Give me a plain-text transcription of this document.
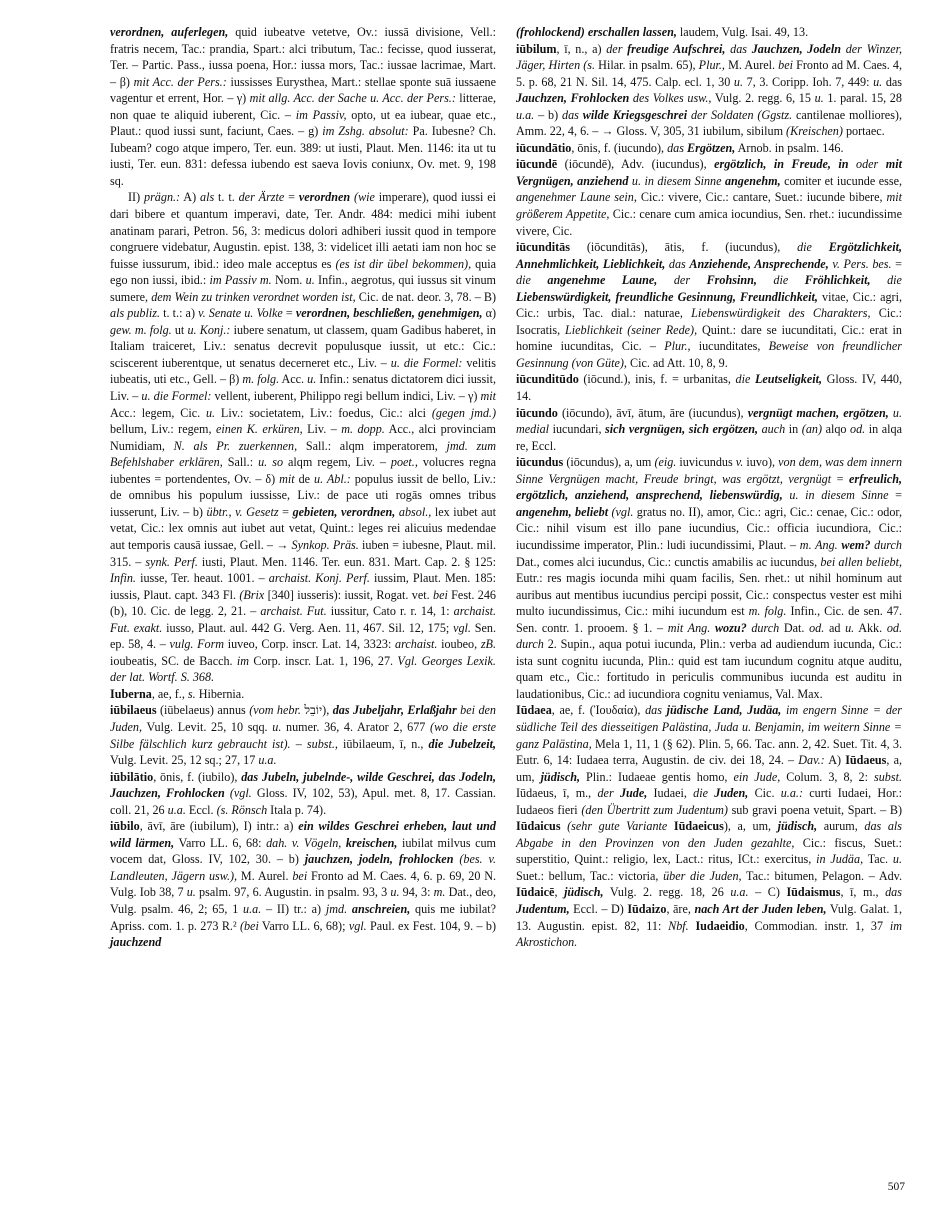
verordnen, auferlegen, quid iubeatve vetetve, Ov.: iussā divisione, Vell.: fratris necem, Tac.: prandia, Spart.: alci tributum, Tac.: fecisse, quod iusserat, Ter. – Partic. Pass., iussa poena, Hor.: iussa mors, Tac.: iussae lacrimae, Mart. – β) mit Acc. der Pers.: iussisses Eurysthea, Mart.: stellae sponte suā iussaene vagentur et errent, Hor. – γ) mit allg. Acc. der Sache u. Acc. der Pers.: litterae, non quae te aliquid iuberent, Cic. – im Passiv, opto, ut ea iubear, quae etc., Plaut.: quod iussi sunt, faciunt, Caes. – g) im Zshg. absolut: Pa. Iubesne? Ch. Iubeam? cogo atque impero, Ter. eun. 389: ut iusti, Plaut. Men. 1146: ita ut tu iusti, Ter. eun. 831: defessa iubendo est saeva Iovis coniunx, Ov. met. 9, 198 sq.

II) prägn.: A) als t. t. der Ärzte = verordnen (wie imperare), quod iussi ei dari bibere et quantum imperavi, date, Ter. Andr. 484: medici mihi iubent anatinam parari, Petron. 56, 3: medicus dolori adhiberi iussit quod in tempore congruere videbatur, Augustin. epist. 138, 3: videlicet illi aetati iam non hoc se fuisse iussurum, ibid.: ideo male acceptus es (es ist dir übel bekommen), quia ego non iussi, ibid.: im Passiv m. Nom. u. Infin., aegrotus, qui iussus sit vinum sumere, dem Wein zu trinken verordnet worden ist, Cic. de nat. deor. 3, 78. – B) als publiz. t. t.: a) v. Senate u. Volke = verordnen, beschließen, genehmigen, α) gew. m. folg. ut u. Konj.: iubere senatum, ut classem, quam Gadibus haberet, in Italiam traiceret, Liv.: senatus decrevit populusque iussit, ut etc.: Cic.: sciscerent iuberentque, ut senatus decerneret etc., Liv. – u. die Formel: velitis iubeatis, uti etc., Gell. – β) m. folg. Acc. u. Infin.: senatus dictatorem dici iussit, Liv. – u. die Formel: vellent, iuberent, Philippo regi bellum indici, Liv. – γ) mit Acc.: legem, Cic. u. Liv.: societatem, Liv.: foedus, Cic.: alci (gegen jmd.) bellum, Liv.: regem, einen K. erküren, Liv. – m. dopp. Acc., alci provinciam Numidiam, N. als Pr. zuerkennen, Sall.: alqm imperatorem, jmd. zum Befehlshaber erklären, Sall.: u. so alqm regem, Liv. – poet., volucres regna iubentes = portendentes, Ov. – δ) mit de u. Abl.: populus iussit de bello, Liv.: de omnibus his populum iussisse, Liv.: de pace uti rogās omnes tribus iusserunt, Liv. – b) übtr., v. Gesetz = gebieten, verordnen, absol., lex iubet aut vetat, Cic.: lex omnis aut iubet aut vetat, Quint.: leges rei alicuius medendae aut temporis causā iussae, Gell. – → Synkop. Präs. iuben = iubesne, Plaut. mil. 315. – synk. Perf. iusti, Plaut. Men. 1146. Ter. eun. 831. Mart. Cap. 2. § 125: Infin. iusse, Ter. heaut. 1001. – archaist. Konj. Perf. iussim, Plaut. Men. 185: iussis, Plaut. capt. 343 Fl. (Brix [340] iusseris): iussit, Rogat. vet. bei Fest. 246 (b), 10. Cic. de legg. 2, 21. – archaist. Fut. iussitur, Cato r. r. 14, 1: archaist. Fut. exakt. iusso, Plaut. aul. 442 G. Verg. Aen. 11, 467. Sil. 12, 175; vgl. Sen. ep. 58, 4. – vulg. Form iuveo, Corp. inscr. Lat. 14, 3323: archaist. ioubeo, zB. ioubeatis, SC. de Bacch. im Corp. inscr. Lat. 1, 196, 27. Vgl. Georges Lexik. der lat. Wortf. S. 368.

Iuberna, ae, f., s. Hibernia.

iūbilaeus (iūbelaeus) annus (vom hebr. יוֹבֵל), das Jubeljahr, Erlaßjahr bei den Juden, Vulg. Levit. 25, 10 sqq. u. numer. 36, 4. Arator 2, 677 (wo die erste Silbe fälschlich kurz gebraucht ist). – subst., iūbilaeum, ī, n., die Jubelzeit, Vulg. Levit. 25, 12 sq.; 27, 17 u.a.

iūbilātio, ōnis, f. (iubilo), das Jubeln, jubelnde-, wilde Geschrei, das Jodeln, Jauchzen, Frohlocken (vgl. Gloss. IV, 102, 53), Apul. met. 8, 17. Cassian. coll. 21, 26 u.a. Eccl. (s. Rönsch Itala p. 74).

iūbilo, āvī, āre (iubilum), I) intr.: a) ein wildes Geschrei erheben, laut und wild lärmen, Varro LL. 6, 68: dah. v. Vögeln, kreischen, iubilat milvus cum vocem dat, Gloss. IV, 102, 30. – b) jauchzen, jodeln, frohlocken (bes. v. Landleuten, Jägern usw.), M. Aurel. bei Fronto ad M. Caes. 4, 6. p. 69, 20 N. Vulg. Iob 38, 7 u. psalm. 97, 6. Augustin. in psalm. 93, 3 u. 94, 3: m. Dat., deo, Vulg. psalm. 46, 2; 65, 1 u.a. – II) tr.: a) jmd. anschreien, quis me iubilat? Apriss. com. 1. p. 273 R.² (bei Varro LL. 6, 68); vgl. Paul. ex Fest. 104, 9. – b) jauchzend

(frohlockend) erschallen lassen, laudem, Vulg. Isai. 49, 13.

iūbilum, ī, n., a) der freudige Aufschrei, das Jauchzen, Jodeln der Winzer, Jäger, Hirten (s. Hilar. in psalm. 65), Plur., M. Aurel. bei Fronto ad M. Caes. 4, 5. p. 68, 21 N. Sil. 14, 475. Calp. ecl. 1, 30 u. 7, 3. Coripp. Ioh. 7, 449: u. das Jauchzen, Frohlocken des Volkes usw., Vulg. 2. regg. 6, 15 u. 1. paral. 15, 28 u.a. – b) das wilde Kriegsgeschrei der Soldaten (Ggstz. cantilenae molliores), Amm. 22, 4, 6. – → Gloss. V, 305, 31 iubilum, sibilum (Kreischen) portaec.

iūcundātio, ōnis, f. (iucundo), das Ergötzen, Arnob. in psalm. 146.

iūcundē (iōcundē), Adv. (iucundus), ergötzlich, in Freude, in oder mit Vergnügen, anziehend u. in diesem Sinne angenehm, comiter et iucunde esse, angenehmer Laune sein, Cic.: vivere, Cic.: cantare, Suet.: iucunde bibere, mit größerem Appetite, Cic.: cenare cum amica iocundius, Sen. rhet.: iucundissime vivere, Cic.

iūcunditās (iōcunditās), ātis, f. (iucundus), die Ergötzlichkeit, Annehmlichkeit, Lieblichkeit, das Anziehende, Ansprechende, v. Pers. bes. = die angenehme Laune, der Frohsinn, die Fröhlichkeit, die Liebenswürdigkeit, freundliche Gesinnung, Freundlichkeit, vitae, Cic.: agri, Cic.: urbis, Tac. dial.: naturae, Liebenswürdigkeit des Charakters, Cic.: Isocratis, Lieblichkeit (seiner Rede), Quint.: dare se iucunditati, Cic.: erat in homine iucunditas, Cic. – Plur., iucunditates, Beweise von freundlicher Gesinnung (von Güte), Cic. ad Att. 10, 8, 9.

iūcunditūdo (iōcund.), inis, f. = urbanitas, die Leutseligkeit, Gloss. IV, 440, 14.

iūcundo (iōcundo), āvī, ātum, āre (iucundus), vergnügt machen, ergötzen, u. medial iucundari, sich vergnügen, sich ergötzen, auch in (an) alqo od. in alqa re, Eccl.

iūcundus (iōcundus), a, um (eig. iuvicundus v. iuvo), von dem, was dem innern Sinne Vergnügen macht, Freude bringt, was ergötzt, vergnügt = erfreulich, ergötzlich, anziehend, ansprechend, liebenswürdig, u. in diesem Sinne = angenehm, beliebt (vgl. gratus no. II), amor, Cic.: agri, Cic.: cenae, Cic.: odor, Cic.: nihil visum est illo pane iucundius, Cic.: officia iucundiora, Cic.: iucundissime imperator, Plin.: ludi iucundissimi, Plaut. – m. Ang. wem? durch Dat., comes alci iucundus, Cic.: cunctis amabilis ac iucundus, bei allen beliebt, Eutr.: res magis iocunda mihi quam facilis, Sen. rhet.: ut nihil hominum aut auribus aut mentibus iucundius percipi possit, Cic.: conspectus vester est mihi multo iucundissimus, Cic.: mihi iucundum est m. folg. Infin., Cic. de sen. 47. Sen. contr. 1. prooem. § 1. – mit Ang. wozu? durch Dat. od. ad u. Akk. od. durch 2. Supin., aqua potui iucunda, Plin.: verba ad audiendum iucunda, Cic.: ista sunt cognitu iucunda, Plin.: quid est tam iucundum cognitu atque auditu, quam etc., Cic.: fortitudo in periculis communibus iucunda est auditu in laudationibus, Cic.: ad iucundiora cognitu veniamus, Val. Max.

Iūdaea, ae, f. (Ἰουδαία), das jüdische Land, Judäa, im engern Sinne = der südliche Teil des diesseitigen Palästina, Juda u. Benjamin, im weitern Sinne = ganz Palästina, Mela 1, 11, 1 (§ 62). Plin. 5, 66. Tac. ann. 2, 42. Suet. Tit. 4, 3. Eutr. 6, 14: Iudaea terra, Augustin. de civ. dei 18, 24. – Dav.: A) Iūdaeus, a, um, jüdisch, Plin.: Iudaeae gentis homo, ein Jude, Colum. 3, 8, 2: subst. Iūdaeus, ī, m., der Jude, Iudaei, die Juden, Cic. u.a.: curti Iudaei, Hor.: Iudaeos fieri (den Übertritt zum Judentum) sub gravi poena vetuit, Spart. – B) Iūdaicus (sehr gute Variante Iūdaeicus), a, um, jüdisch, aurum, das als Abgabe in den Provinzen von den Juden gezahlte, Cic.: fiscus, Suet.: superstitio, Quint.: religio, lex, Lact.: ritus, ICt.: exercitus, in Judäa, Tac. u. Suet.: bellum, Tac.: victoria, über die Juden, Tac.: bitumen, Pelagon. – Adv. Iūdaicē, jüdisch, Vulg. 2. regg. 18, 26 u.a. – C) Iūdaismus, ī, m., das Judentum, Eccl. – D) Iūdaizo, āre, nach Art der Juden leben, Vulg. Galat. 1, 13. Augustin. epist. 82, 11: Nbf. Iudaeidio, Commodian. instr. 1, 37 im Akrostichon.

507
